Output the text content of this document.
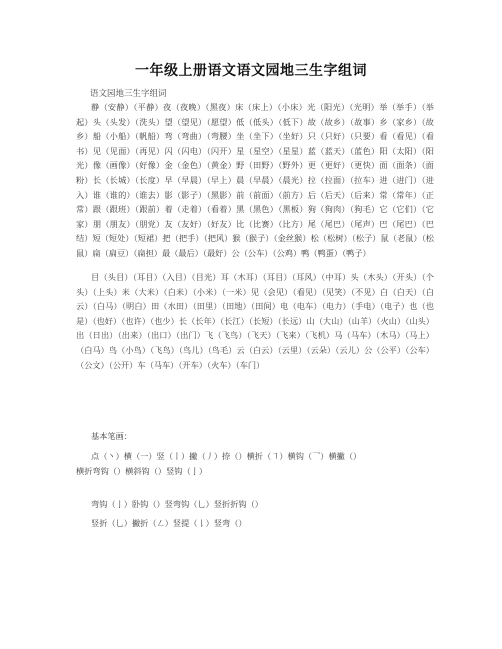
一年级上册语文语文园地三生字组词
语文园地三生字组词
静（安静）（平静）夜（夜晚）（黑夜）床（床上）（小床）光（阳光）（光明）举（举手）（举起）头（头发）（洗头）望（望见）（愿望）低（低头）（低下）故（故乡）（故事）乡（家乡）（故乡）船（小船）（帆船）弯（弯曲）（弯腰）坐（坐下）（坐好）只（只好）（只要）看（看见）（看书）见（见面）（再见）闪（闪电）（闪开）星（星空）（星星）蓝（蓝天）（蓝色）阳（太阳）（阳光）像（画像）（好像）金（金色）（黄金）野（田野）（野外）更（更好）（更快）面（面条）（面粉）长（长城）（长度）早（早晨）（早上）晨（早晨）（晨光）拉（拉面）（拉车）进（进门）（进入）谁（谁的）（谁去）影（影子）（黑影）前（前面）（前方）后（后天）（后来）常（常年）（正常）跟（跟班）（跟前）着（走着）（看着）黑（黑色）（黑板）狗（狗肉）（狗毛）它（它们）（它家）朋（朋友）（朋党）友（友好）（好友）比（比赛）（比方）尾（尾巴）（尾声）巴（尾巴）（巴结）短（短处）（短裙）把（把手）（把风）猴（猴子）（金丝猴）松（松树）（松子）鼠（老鼠）（松鼠）扁（扁豆）（扁担）最（最后）（最好）公（公车）（公鸡）鸭（鸭蛋）（鸭子）
目（头目）（耳目）（入目）（目光）耳（木耳）（耳目）（耳风）（中耳）头（木头）（开头）（个头）（上头）米（大米）（白米）（小米）（一米）见（会见）（看见）（见笑）（不见）白（白天）（白云）（白马）（明白）田（水田）（田里）（田地）（田间）电（电车）（电力）（手电）（电子）也（也是）（也好）（也许）（也少）长（长年）（长江）（长短）（长远）山（大山）（山羊）（火山）（山头）出（日出）（出来）（出口）（出门）飞（飞鸟）（飞天）（飞来）（飞机）马（马车）（木马）（马上）（白马）鸟（小鸟）（飞鸟）（鸟儿）（鸟毛）云（白云）（云里）（云朵）（云儿）公（公平）（公车）（公文）（公开）车（马车）（开车）（火车）（车门）
基本笔画：
点（丶）横（一）竖（丨）撇（丿）捺（）横折（㇕）横钩（乛）横撇（）
横折弯钩（）横斜钩（）竖钩（亅）
弯钩（亅）卧钩（）竖弯钩（乚）竖折折钩（）
竖折（乚）撇折（㇜）竖提（𠄌）竖弯（）
